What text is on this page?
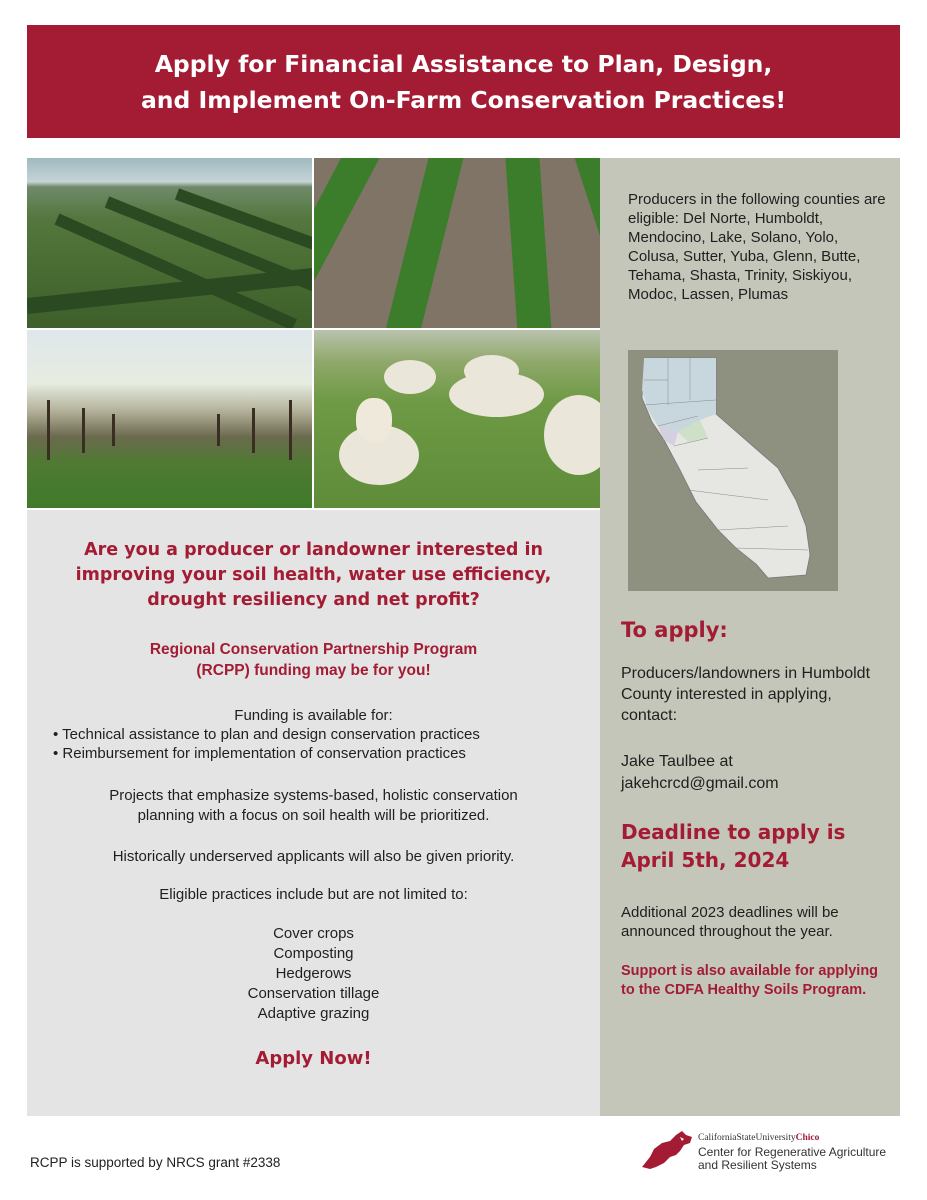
Apply for Financial Assistance to Plan, Design,
and Implement On-Farm Conservation Practices!
Producers in the following counties are eligible: Del Norte, Humboldt, Mendocino, Lake, Solano, Yolo, Colusa, Sutter, Yuba, Glenn, Butte, Tehama, Shasta, Trinity, Siskiyou, Modoc, Lassen, Plumas
To apply:
Producers/landowners in Humboldt County interested in applying, contact:
Jake Taulbee at
jakehcrcd@gmail.com
Deadline to apply is
April 5th, 2024
Additional 2023 deadlines will be announced throughout the year.
Support is also available for applying to the CDFA Healthy Soils Program.
Are you a producer or landowner interested in
improving your soil health, water use efficiency,
drought resiliency and net profit?
Regional Conservation Partnership Program
(RCPP) funding may be for you!
Funding is available for:
• Technical assistance to plan and design conservation practices
• Reimbursement for implementation of conservation practices
Projects that emphasize systems-based, holistic conservation
planning with a focus on soil health will be prioritized.
Historically underserved applicants will also be given priority.
Eligible practices include but are not limited to:
Cover crops
Composting
Hedgerows
Conservation tillage
Adaptive grazing
Apply Now!
RCPP is supported by NRCS grant #2338
CaliforniaStateUniversityChico
Center for Regenerative Agriculture
and Resilient Systems
